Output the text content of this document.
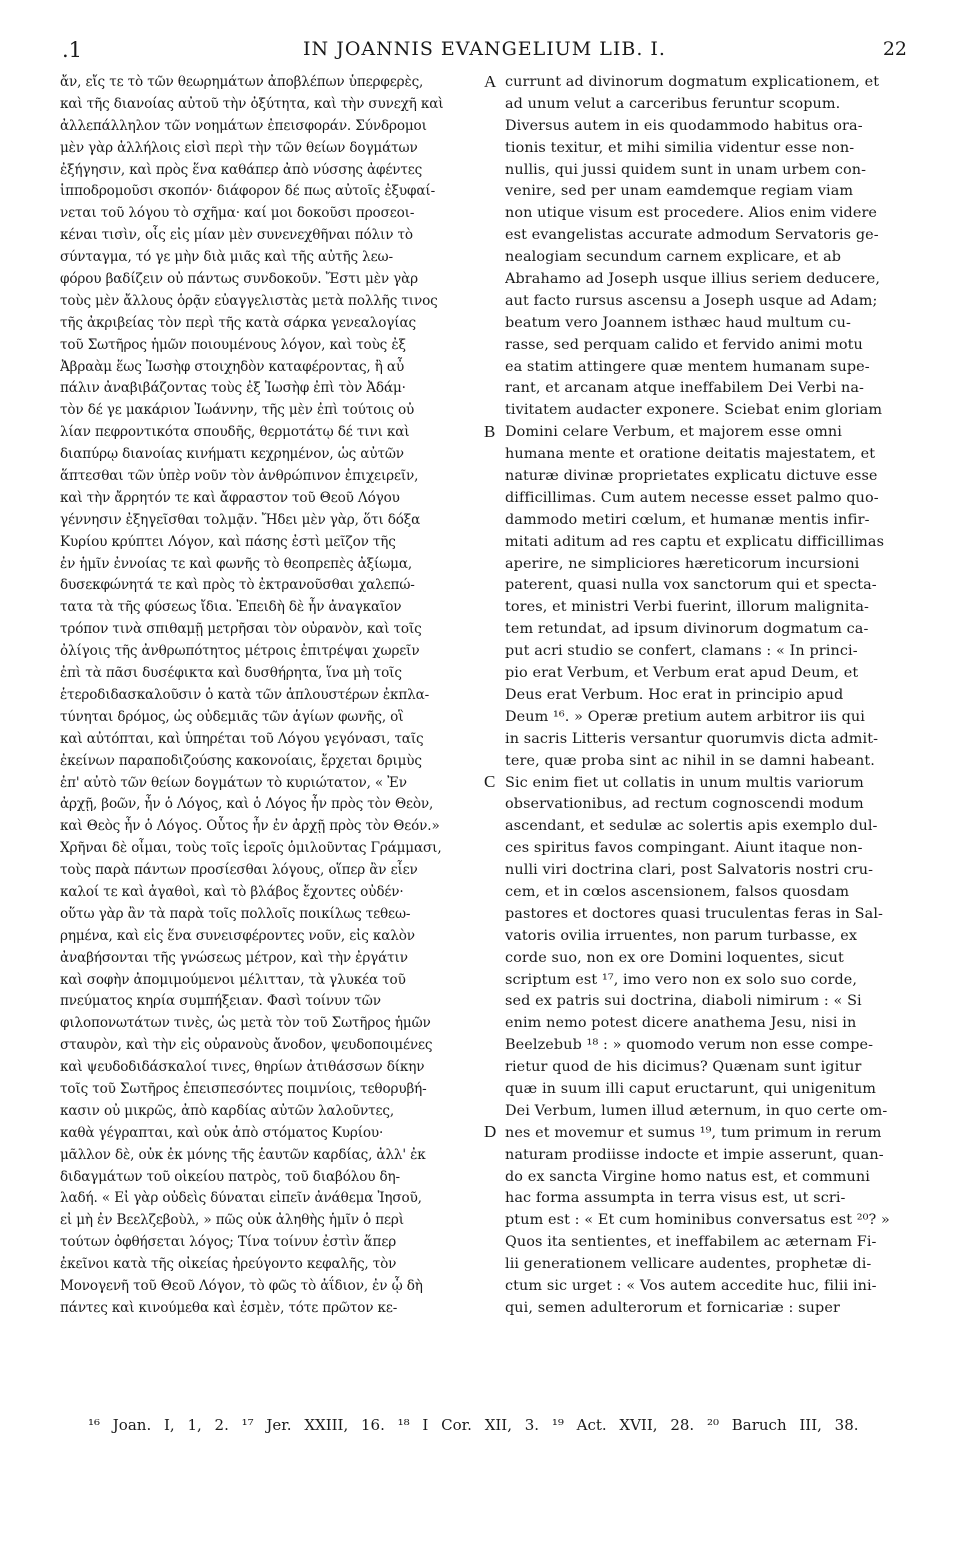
.1	IN JOANNIS EVANGELIUM LIB. I.	22
A
B
C
D
ἄν, εἴς τε τὸ τῶν θεωρημάτων ἀποβλέπων ὑπερφερὲς,
καὶ τῆς διανοίας αὐτοῦ τὴν ὀξύτητα, καὶ τὴν συνεχῆ καὶ
ἀλλεπάλληλον τῶν νοημάτων ἐπεισφοράν. Σύνδρομοι
μὲν γὰρ ἀλλήλοις εἰσὶ περὶ τὴν τῶν θείων δογμάτων
ἐξήγησιν, καὶ πρὸς ἕνα καθάπερ ἀπὸ νύσσης ἀφέντες
ἱπποδρομοῦσι σκοπόν· διάφορον δέ πως αὐτοῖς ἐξυφαί-
νεται τοῦ λόγου τὸ σχῆμα· καί μοι δοκοῦσι προσεοι-
κέναι τισὶν, οἷς εἰς μίαν μὲν συνενεχθῆναι πόλιν τὸ
σύνταγμα, τό γε μὴν διὰ μιᾶς καὶ τῆς αὐτῆς λεω-
φόρου βαδίζειν οὐ πάντως συνδοκοῦν. Ἔστι μὲν γὰρ
τοὺς μὲν ἄλλους ὁρᾷν εὐαγγελιστὰς μετὰ πολλῆς τινος
τῆς ἀκριβείας τὸν περὶ τῆς κατὰ σάρκα γενεαλογίας
τοῦ Σωτῆρος ἡμῶν ποιουμένους λόγον, καὶ τοὺς ἐξ
Ἀβραὰμ ἕως Ἰωσὴφ στοιχηδὸν καταφέροντας, ἢ αὖ
πάλιν ἀναβιβάζοντας τοὺς ἐξ Ἰωσὴφ ἐπὶ τὸν Ἀδάμ·
τὸν δέ γε μακάριον Ἰωάννην, τῆς μὲν ἐπὶ τούτοις οὐ
λίαν πεφροντικότα σπουδῆς, θερμοτάτῳ δέ τινι καὶ
διαπύρῳ διανοίας κινήματι κεχρημένον, ὡς αὐτῶν
ἅπτεσθαι τῶν ὑπὲρ νοῦν τὸν ἀνθρώπινον ἐπιχειρεῖν,
καὶ τὴν ἄρρητόν τε καὶ ἄφραστον τοῦ Θεοῦ Λόγου
γέννησιν ἐξηγεῖσθαι τολμᾷν. Ἤδει μὲν γὰρ, ὅτι δόξα
Κυρίου κρύπτει Λόγον, καὶ πάσης ἐστὶ μεῖζον τῆς
ἐν ἡμῖν ἐννοίας τε καὶ φωνῆς τὸ θεοπρεπὲς ἀξίωμα,
δυσεκφώνητά τε καὶ πρὸς τὸ ἐκτρανοῦσθαι χαλεπώ-
τατα τὰ τῆς φύσεως ἴδια. Ἐπειδὴ δὲ ἦν ἀναγκαῖον
τρόπον τινὰ σπιθαμῇ μετρῆσαι τὸν οὐρανὸν, καὶ τοῖς
ὀλίγοις τῆς ἀνθρωπότητος μέτροις ἐπιτρέψαι χωρεῖν
ἐπὶ τὰ πᾶσι δυσέφικτα καὶ δυσθήρητα, ἵνα μὴ τοῖς
ἑτεροδιδασκαλοῦσιν ὁ κατὰ τῶν ἁπλουστέρων ἐκπλα-
τύνηται δρόμος, ὡς οὐδεμιᾶς τῶν ἁγίων φωνῆς, οἳ
καὶ αὐτόπται, καὶ ὑπηρέται τοῦ Λόγου γεγόνασι, ταῖς
ἐκείνων παραποδιζούσης κακονοίαις, ἔρχεται δριμὺς
ἐπ' αὐτὸ τῶν θείων δογμάτων τὸ κυριώτατον, « Ἐν
ἀρχῇ, βοῶν, ἦν ὁ Λόγος, καὶ ὁ Λόγος ἦν πρὸς τὸν Θεὸν,
καὶ Θεὸς ἦν ὁ Λόγος. Οὗτος ἦν ἐν ἀρχῇ πρὸς τὸν Θεόν.»
Χρῆναι δὲ οἶμαι, τοὺς τοῖς ἱεροῖς ὁμιλοῦντας Γράμμασι,
τοὺς παρὰ πάντων προσίεσθαι λόγους, οἵπερ ἂν εἶεν
καλοί τε καὶ ἀγαθοὶ, καὶ τὸ βλάβος ἔχοντες οὐδέν·
οὕτω γὰρ ἂν τὰ παρὰ τοῖς πολλοῖς ποικίλως τεθεω-
ρημένα, καὶ εἰς ἕνα συνεισφέροντες νοῦν, εἰς καλὸν
ἀναβήσονται τῆς γνώσεως μέτρον, καὶ τὴν ἐργάτιν
καὶ σοφὴν ἀπομιμούμενοι μέλιτταν, τὰ γλυκέα τοῦ
πνεύματος κηρία συμπήξειαν. Φασὶ τοίνυν τῶν
φιλοπονωτάτων τινὲς, ὡς μετὰ τὸν τοῦ Σωτῆρος ἡμῶν
σταυρὸν, καὶ τὴν εἰς οὐρανοὺς ἄνοδον, ψευδοποιμένες
καὶ ψευδοδιδάσκαλοί τινες, θηρίων ἀτιθάσσων δίκην
τοῖς τοῦ Σωτῆρος ἐπεισπεσόντες ποιμνίοις, τεθορυβή-
κασιν οὐ μικρῶς, ἀπὸ καρδίας αὐτῶν λαλοῦντες,
καθὰ γέγραπται, καὶ οὐκ ἀπὸ στόματος Κυρίου·
μᾶλλον δὲ, οὐκ ἐκ μόνης τῆς ἑαυτῶν καρδίας, ἀλλ' ἐκ
διδαγμάτων τοῦ οἰκείου πατρὸς, τοῦ διαβόλου δη-
λαδή. « Εἰ γὰρ οὐδεὶς δύναται εἰπεῖν ἀνάθεμα Ἰησοῦ,
εἰ μὴ ἐν Βεελζεβοὺλ, » πῶς οὐκ ἀληθὴς ἡμῖν ὁ περὶ
τούτων ὀφθήσεται λόγος; Τίνα τοίνυν ἐστὶν ἅπερ
ἐκεῖνοι κατὰ τῆς οἰκείας ἠρεύγοντο κεφαλῆς, τὸν
Μονογενῆ τοῦ Θεοῦ Λόγον, τὸ φῶς τὸ ἀΐδιον, ἐν ᾧ δὴ
πάντες καὶ κινούμεθα καὶ ἐσμὲν, τότε πρῶτον κε-
currunt ad divinorum dogmatum explicationem, et
ad unum velut a carceribus feruntur scopum.
Diversus autem in eis quodammodo habitus ora-
tionis texitur, et mihi similia videntur esse non-
nullis, qui jussi quidem sunt in unam urbem con-
venire, sed per unam eamdemque regiam viam
non utique visum est procedere. Alios enim videre
est evangelistas accurate admodum Servatoris ge-
nealogiam secundum carnem explicare, et ab
Abrahamo ad Joseph usque illius seriem deducere,
aut facto rursus ascensu a Joseph usque ad Adam;
beatum vero Joannem isthæc haud multum cu-
rasse, sed perquam calido et fervido animi motu
ea statim attingere quæ mentem humanam supe-
rant, et arcanam atque ineffabilem Dei Verbi na-
tivitatem audacter exponere. Sciebat enim gloriam
Domini celare Verbum, et majorem esse omni
humana mente et oratione deitatis majestatem, et
naturæ divinæ proprietates explicatu dictuve esse
difficillimas. Cum autem necesse esset palmo quo-
dammodo metiri cœlum, et humanæ mentis infir-
mitati aditum ad res captu et explicatu difficillimas
aperire, ne simpliciores hæreticorum incursioni
paterent, quasi nulla vox sanctorum qui et specta-
tores, et ministri Verbi fuerint, illorum malignita-
tem retundat, ad ipsum divinorum dogmatum ca-
put acri studio se confert, clamans : « In princi-
pio erat Verbum, et Verbum erat apud Deum, et
Deus erat Verbum. Hoc erat in principio apud
Deum ¹⁶. » Operæ pretium autem arbitror iis qui
in sacris Litteris versantur quorumvis dicta admit-
tere, quæ proba sint ac nihil in se damni habeant.
Sic enim fiet ut collatis in unum multis variorum
observationibus, ad rectum cognoscendi modum
ascendant, et sedulæ ac solertis apis exemplo dul-
ces spiritus favos compingant. Aiunt itaque non-
nulli viri doctrina clari, post Salvatoris nostri cru-
cem, et in cœlos ascensionem, falsos quosdam
pastores et doctores quasi truculentas feras in Sal-
vatoris ovilia irruentes, non parum turbasse, ex
corde suo, non ex ore Domini loquentes, sicut
scriptum est ¹⁷, imo vero non ex solo suo corde,
sed ex patris sui doctrina, diaboli nimirum : « Si
enim nemo potest dicere anathema Jesu, nisi in
Beelzebub ¹⁸ : » quomodo verum non esse compe-
rietur quod de his dicimus? Quænam sunt igitur
quæ in suum illi caput eructarunt, qui unigenitum
Dei Verbum, lumen illud æternum, in quo certe om-
nes et movemur et sumus ¹⁹, tum primum in rerum
naturam prodiisse indocte et impie asserunt, quan-
do ex sancta Virgine homo natus est, et communi
hac forma assumpta in terra visus est, ut scri-
ptum est : « Et cum hominibus conversatus est ²⁰? »
Quos ita sentientes, et ineffabilem ac æternam Fi-
lii generationem vellicare audentes, prophetæ di-
ctum sic urget : « Vos autem accedite huc, filii ini-
qui, semen adulterorum et fornicariæ : super
¹⁶ Joan. I, 1, 2. ¹⁷ Jer. XXIII, 16. ¹⁸ I Cor. XII, 3. ¹⁹ Act. XVII, 28. ²⁰ Baruch III, 38.
